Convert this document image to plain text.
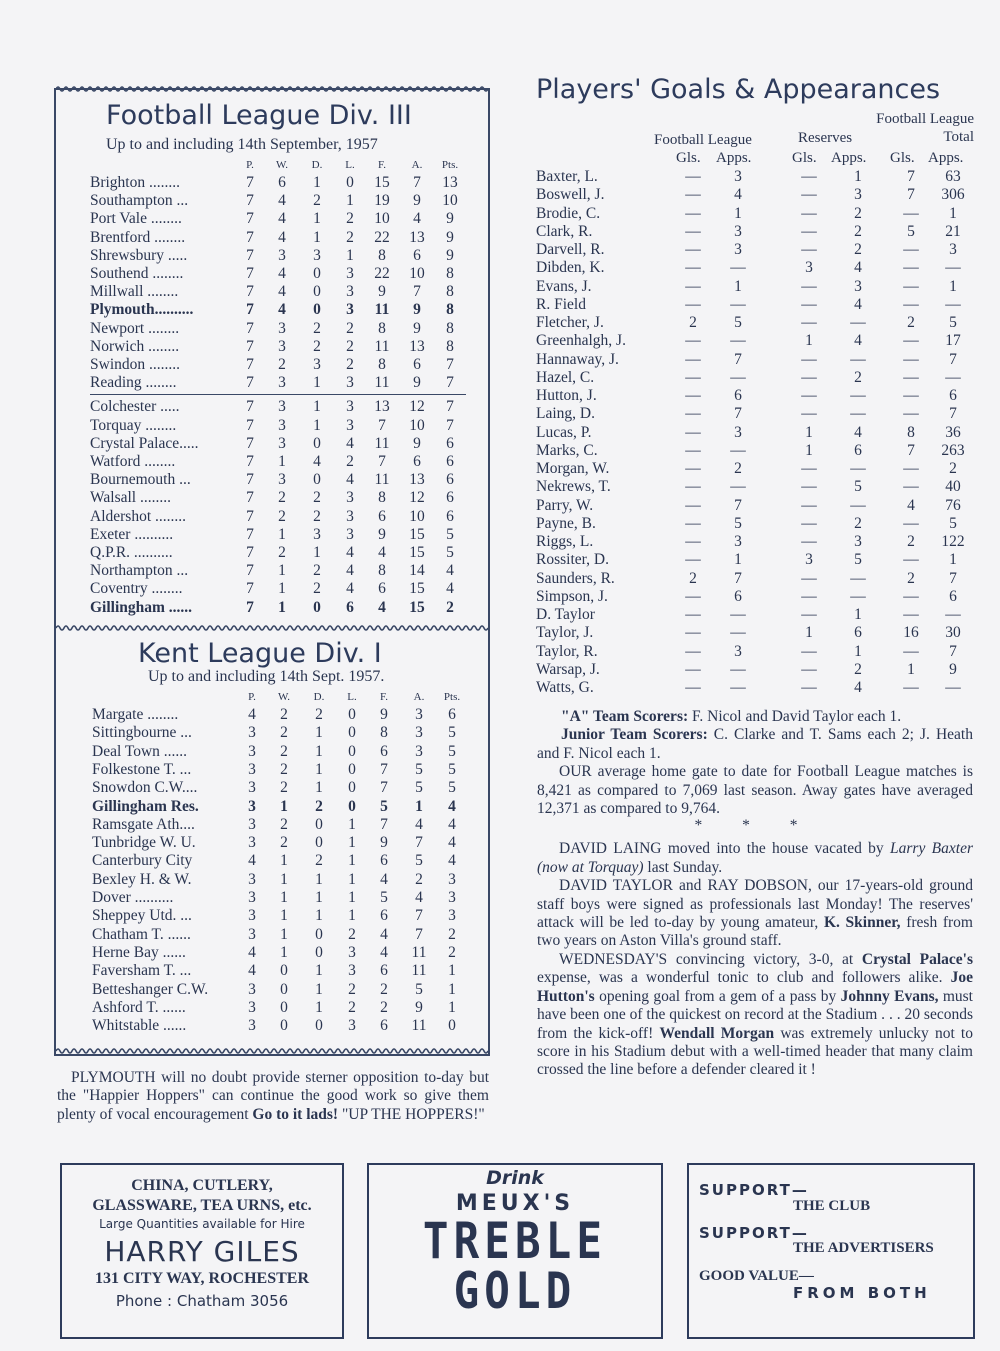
Football League Div. III
Up to and including 14th September, 1957
P.	W.	D.	L.	F.	A.	Pts.
Brighton ........	7	6	1	0	15	7	13
Southampton ...	7	4	2	1	19	9	10
Port Vale ........	7	4	1	2	10	4	9
Brentford ........	7	4	1	2	22	13	9
Shrewsbury .....	7	3	3	1	8	6	9
Southend ........	7	4	0	3	22	10	8
Millwall ........	7	4	0	3	9	7	8
Plymouth..........	7	4	0	3	11	9	8
Newport ........	7	3	2	2	8	9	8
Norwich ........	7	3	2	2	11	13	8
Swindon ........	7	2	3	2	8	6	7
Reading ........	7	3	1	3	11	9	7
Colchester .....	7	3	1	3	13	12	7
Torquay ........	7	3	1	3	7	10	7
Crystal Palace.....	7	3	0	4	11	9	6
Watford ........	7	1	4	2	7	6	6
Bournemouth ...	7	3	0	4	11	13	6
Walsall ........	7	2	2	3	8	12	6
Aldershot ........	7	2	2	3	6	10	6
Exeter ..........	7	1	3	3	9	15	5
Q.P.R. ..........	7	2	1	4	4	15	5
Northampton ...	7	1	2	4	8	14	4
Coventry ........	7	1	2	4	6	15	4
Gillingham ......	7	1	0	6	4	15	2
Kent League Div. I
Up to and including 14th Sept. 1957.
P.	W.	D.	L.	F.	A.	Pts.
Margate ........	4	2	2	0	9	3	6
Sittingbourne ...	3	2	1	0	8	3	5
Deal Town ......	3	2	1	0	6	3	5
Folkestone T. ...	3	2	1	0	7	5	5
Snowdon C.W....	3	2	1	0	7	5	5
Gillingham Res.	3	1	2	0	5	1	4
Ramsgate Ath....	3	2	0	1	7	4	4
Tunbridge W. U.	3	2	0	1	9	7	4
Canterbury City	4	1	2	1	6	5	4
Bexley H. & W.	3	1	1	1	4	2	3
Dover ..........	3	1	1	1	5	4	3
Sheppey Utd. ...	3	1	1	1	6	7	3
Chatham T. ......	3	1	0	2	4	7	2
Herne Bay ......	4	1	0	3	4	11	2
Faversham T. ...	4	0	1	3	6	11	1
Betteshanger C.W.	3	0	1	2	2	5	1
Ashford T. ......	3	0	1	2	2	9	1
Whitstable ......	3	0	0	3	6	11	0

PLYMOUTH will no doubt provide sterner opposition to-day but the "Happier Hoppers" can continue the good work so give them plenty of vocal encouragement Go to it lads! "UP THE HOPPERS!"

Players' Goals & Appearances
Football League	Reserves
Football League Total
Gls. Apps.	Gls. Apps. Gls. Apps.
Baxter, L.	—	3	—	1	7	63
Boswell, J.	—	4	—	3	7	306
Brodie, C.	—	1	—	2	—	1
Clark, R.	—	3	—	2	5	21
Darvell, R.	—	3	—	2	—	3
Dibden, K.	—	—	3	4	—	—
Evans, J.	—	1	—	3	—	1
R. Field	—	—	—	4	—	—
Fletcher, J.	2	5	—	—	2	5
Greenhalgh, J.	—	—	1	4	—	17
Hannaway, J.	—	7	—	—	—	7
Hazel, C.	—	—	—	2	—	—
Hutton, J.	—	6	—	—	—	6
Laing, D.	—	7	—	—	—	7
Lucas, P.	—	3	1	4	8	36
Marks, C.	—	—	1	6	7	263
Morgan, W.	—	2	—	—	—	2
Nekrews, T.	—	—	—	5	—	40
Parry, W.	—	7	—	—	4	76
Payne, B.	—	5	—	2	—	5
Riggs, L.	—	3	—	3	2	122
Rossiter, D.	—	1	3	5	—	1
Saunders, R.	2	7	—	—	2	7
Simpson, J.	—	6	—	—	—	6
D. Taylor	—	—	—	1	—	—
Taylor, J.	—	—	1	6	16	30
Taylor, R.	—	3	—	1	—	7
Warsap, J.	—	—	—	2	1	9
Watts, G.	—	—	—	4	—	—

"A" Team Scorers: F. Nicol and David Taylor each 1.

Junior Team Scorers: C. Clarke and T. Sams each 2; J. Heath and F. Nicol each 1.

OUR average home gate to date for Football League matches is 8,421 as compared to 7,069 last season. Away gates have averaged 12,371 as compared to 9,764.

* * *

DAVID LAING moved into the house vacated by Larry Baxter (now at Torquay) last Sunday.

DAVID TAYLOR and RAY DOBSON, our 17-years-old ground staff boys were signed as professionals last Monday! The reserves' attack will be led to-day by young amateur, K. Skinner, fresh from two years on Aston Villa's ground staff.

WEDNESDAY'S convincing victory, 3-0, at Crystal Palace's expense, was a wonderful tonic to club and followers alike. Joe Hutton's opening goal from a gem of a pass by Johnny Evans, must have been one of the quickest on record at the Stadium . . . 20 seconds from the kick-off! Wendall Morgan was extremely unlucky not to score in his Stadium debut with a well-timed header that many claim crossed the line before a defender cleared it !

CHINA, CUTLERY,
GLASSWARE, TEA URNS, etc.
Large Quantities available for Hire
HARRY GILES
131 CITY WAY, ROCHESTER
Phone : Chatham 3056
Drink
MEUX'S
TREBLE
GOLD
SUPPORT—
THE CLUB
SUPPORT—
THE ADVERTISERS
GOOD VALUE—
FROM BOTH
